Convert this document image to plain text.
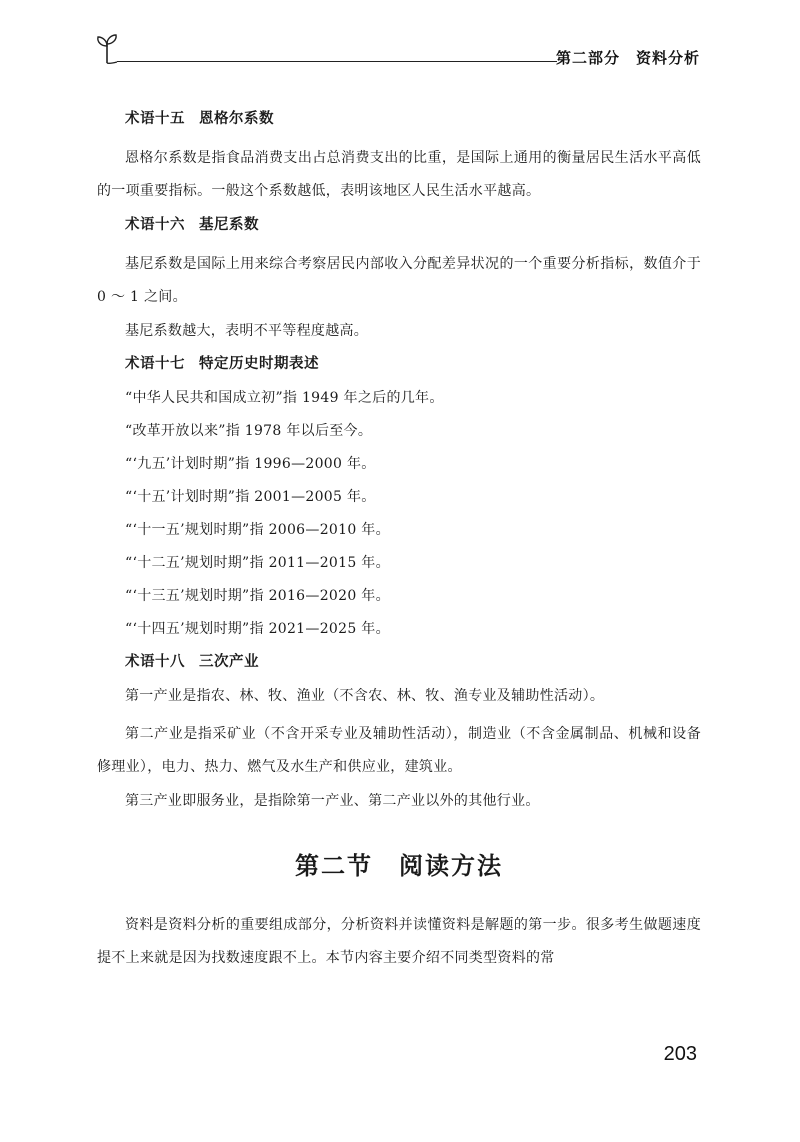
第二部分　资料分析
术语十五 恩格尔系数

恩格尔系数是指食品消费支出占总消费支出的比重，是国际上通用的衡量居民生活水平高低的一项重要指标。一般这个系数越低，表明该地区人民生活水平越高。

术语十六 基尼系数

基尼系数是国际上用来综合考察居民内部收入分配差异状况的一个重要分析指标，数值介于 0 ～ 1 之间。

基尼系数越大，表明不平等程度越高。

术语十七 特定历史时期表述

“中华人民共和国成立初”指 1949 年之后的几年。

“改革开放以来”指 1978 年以后至今。

“‘九五’计划时期”指 1996—2000 年。

“‘十五’计划时期”指 2001—2005 年。

“‘十一五’规划时期”指 2006—2010 年。

“‘十二五’规划时期”指 2011—2015 年。

“‘十三五’规划时期”指 2016—2020 年。

“‘十四五’规划时期”指 2021—2025 年。

术语十八 三次产业

第一产业是指农、林、牧、渔业（不含农、林、牧、渔专业及辅助性活动）。

第二产业是指采矿业（不含开采专业及辅助性活动），制造业（不含金属制品、机械和设备修理业），电力、热力、燃气及水生产和供应业，建筑业。

第三产业即服务业，是指除第一产业、第二产业以外的其他行业。

第二节 阅读方法

资料是资料分析的重要组成部分，分析资料并读懂资料是解题的第一步。很多考生做题速度提不上来就是因为找数速度跟不上。本节内容主要介绍不同类型资料的常

203
